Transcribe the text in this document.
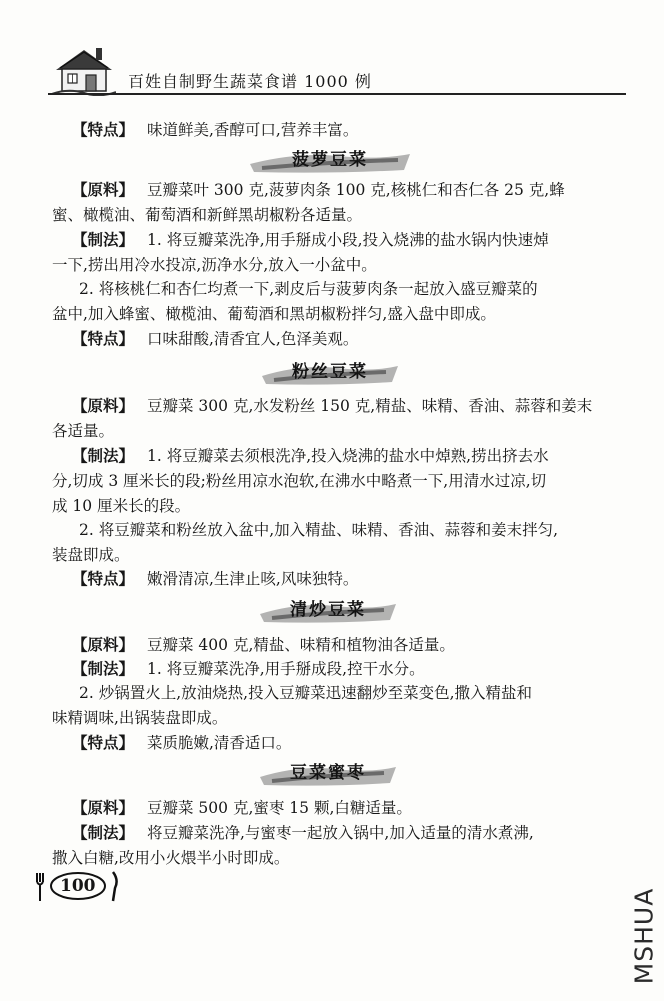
百姓自制野生蔬菜食谱 1000 例
【特点】 味道鲜美,香醇可口,营养丰富。
菠萝豆菜
【原料】 豆瓣菜叶 300 克,菠萝肉条 100 克,核桃仁和杏仁各 25 克,蜂
蜜、橄榄油、葡萄酒和新鲜黑胡椒粉各适量。
【制法】 1. 将豆瓣菜洗净,用手掰成小段,投入烧沸的盐水锅内快速焯
一下,捞出用冷水投凉,沥净水分,放入一小盆中。
2. 将核桃仁和杏仁均煮一下,剥皮后与菠萝肉条一起放入盛豆瓣菜的
盆中,加入蜂蜜、橄榄油、葡萄酒和黑胡椒粉拌匀,盛入盘中即成。
【特点】 口味甜酸,清香宜人,色泽美观。
粉丝豆菜
【原料】 豆瓣菜 300 克,水发粉丝 150 克,精盐、味精、香油、蒜蓉和姜末
各适量。
【制法】 1. 将豆瓣菜去须根洗净,投入烧沸的盐水中焯熟,捞出挤去水
分,切成 3 厘米长的段;粉丝用凉水泡软,在沸水中略煮一下,用清水过凉,切
成 10 厘米长的段。
2. 将豆瓣菜和粉丝放入盆中,加入精盐、味精、香油、蒜蓉和姜末拌匀,
装盘即成。
【特点】 嫩滑清凉,生津止咳,风味独特。
清炒豆菜
【原料】 豆瓣菜 400 克,精盐、味精和植物油各适量。
【制法】 1. 将豆瓣菜洗净,用手掰成段,控干水分。
2. 炒锅置火上,放油烧热,投入豆瓣菜迅速翻炒至菜变色,撒入精盐和
味精调味,出锅装盘即成。
【特点】 菜质脆嫩,清香适口。
豆菜蜜枣
【原料】 豆瓣菜 500 克,蜜枣 15 颗,白糖适量。
【制法】 将豆瓣菜洗净,与蜜枣一起放入锅中,加入适量的清水煮沸,
撒入白糖,改用小火煨半小时即成。
100
MSHUA
